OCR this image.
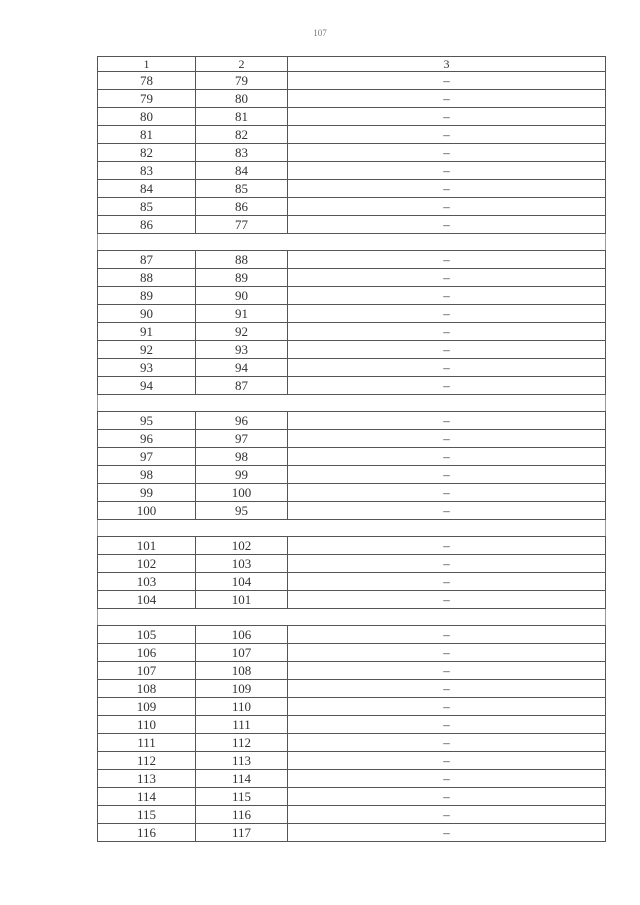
107
1	2	3
78	79	–
79	80	–
80	81	–
81	82	–
82	83	–
83	84	–
84	85	–
85	86	–
86	77	–

87	88	–
88	89	–
89	90	–
90	91	–
91	92	–
92	93	–
93	94	–
94	87	–

95	96	–
96	97	–
97	98	–
98	99	–
99	100	–
100	95	–

101	102	–
102	103	–
103	104	–
104	101	–

105	106	–
106	107	–
107	108	–
108	109	–
109	110	–
110	111	–
111	112	–
112	113	–
113	114	–
114	115	–
115	116	–
116	117	–
